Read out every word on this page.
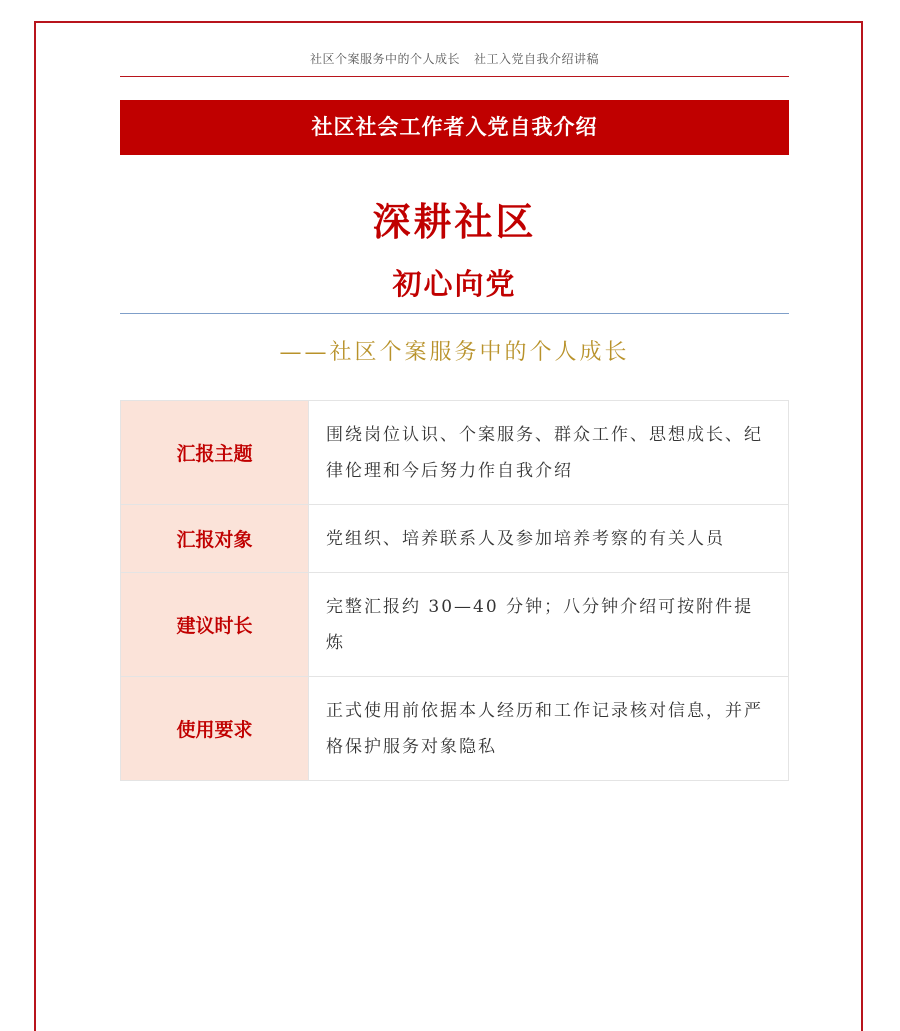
社区个案服务中的个人成长 社工入党自我介绍讲稿
社区社会工作者入党自我介绍
深耕社区
初心向党
——社区个案服务中的个人成长
汇报主题	围绕岗位认识、个案服务、群众工作、思想成长、纪律伦理和今后努力作自我介绍
汇报对象	党组织、培养联系人及参加培养考察的有关人员
建议时长	完整汇报约 30—40 分钟；八分钟介绍可按附件提炼
使用要求	正式使用前依据本人经历和工作记录核对信息，并严格保护服务对象隐私
